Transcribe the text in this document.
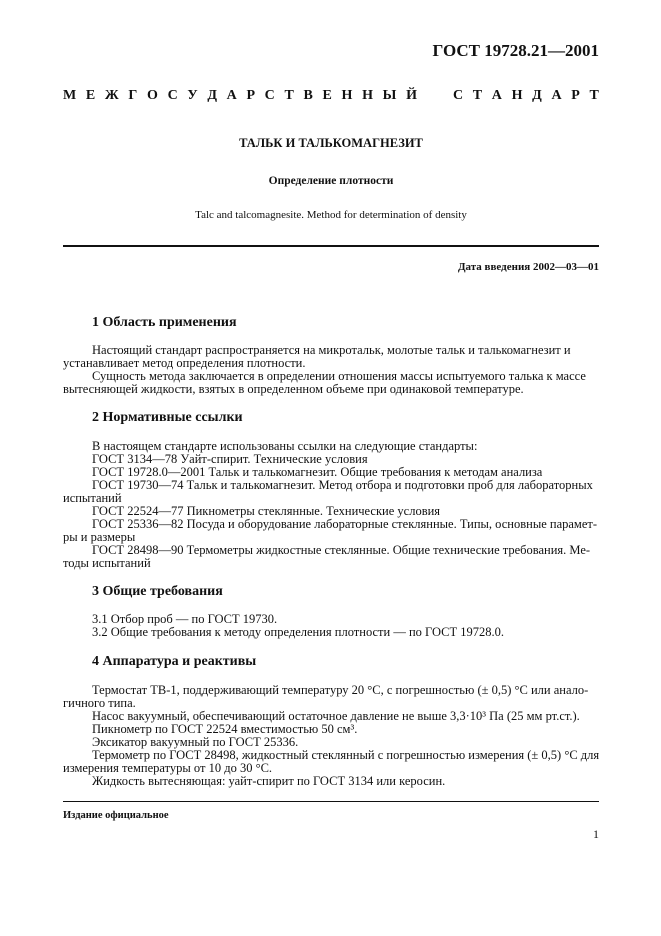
ГОСТ 19728.21—2001
М Е Ж Г О С У Д А Р С Т В Е Н Н Ы Й

	С Т А Н Д А Р Т
ТАЛЬК И ТАЛЬКОМАГНЕЗИТ
Определение плотности
Talc and talcomagnesite. Method for determination of density
Дата введения 2002—03—01
1 Область применения
Настоящий стандарт распространяется на микротальк, молотые тальк и талькомагнезит и
устанавливает метод определения плотности.
Сущность метода заключается в определении отношения массы испытуемого талька к массе
вытесняющей жидкости, взятых в определенном объеме при одинаковой температуре.
2 Нормативные ссылки
В настоящем стандарте использованы ссылки на следующие стандарты:
ГОСТ 3134—78 Уайт-спирит. Технические условия
ГОСТ 19728.0—2001 Тальк и талькомагнезит. Общие требования к методам анализа
ГОСТ 19730—74 Тальк и талькомагнезит. Метод отбора и подготовки проб для лабораторных
испытаний
ГОСТ 22524—77 Пикнометры стеклянные. Технические условия
ГОСТ 25336—82 Посуда и оборудование лабораторные стеклянные. Типы, основные парамет-
ры и размеры
ГОСТ 28498—90 Термометры жидкостные стеклянные. Общие технические требования. Ме-
тоды испытаний
3 Общие требования
3.1 Отбор проб — по ГОСТ 19730.
3.2 Общие требования к методу определения плотности — по ГОСТ 19728.0.
4 Аппаратура и реактивы
Термостат ТВ-1, поддерживающий температуру 20 °С, с погрешностью (± 0,5) °С или анало-
гичного типа.
Насос вакуумный, обеспечивающий остаточное давление не выше 3,3·10³ Па (25 мм рт.ст.).
Пикнометр по ГОСТ 22524 вместимостью 50 см³.
Эксикатор вакуумный по ГОСТ 25336.
Термометр по ГОСТ 28498, жидкостный стеклянный с погрешностью измерения (± 0,5) °С для
измерения температуры от 10 до 30 °С.
Жидкость вытесняющая: уайт-спирит по ГОСТ 3134 или керосин.
Издание официальное
1
